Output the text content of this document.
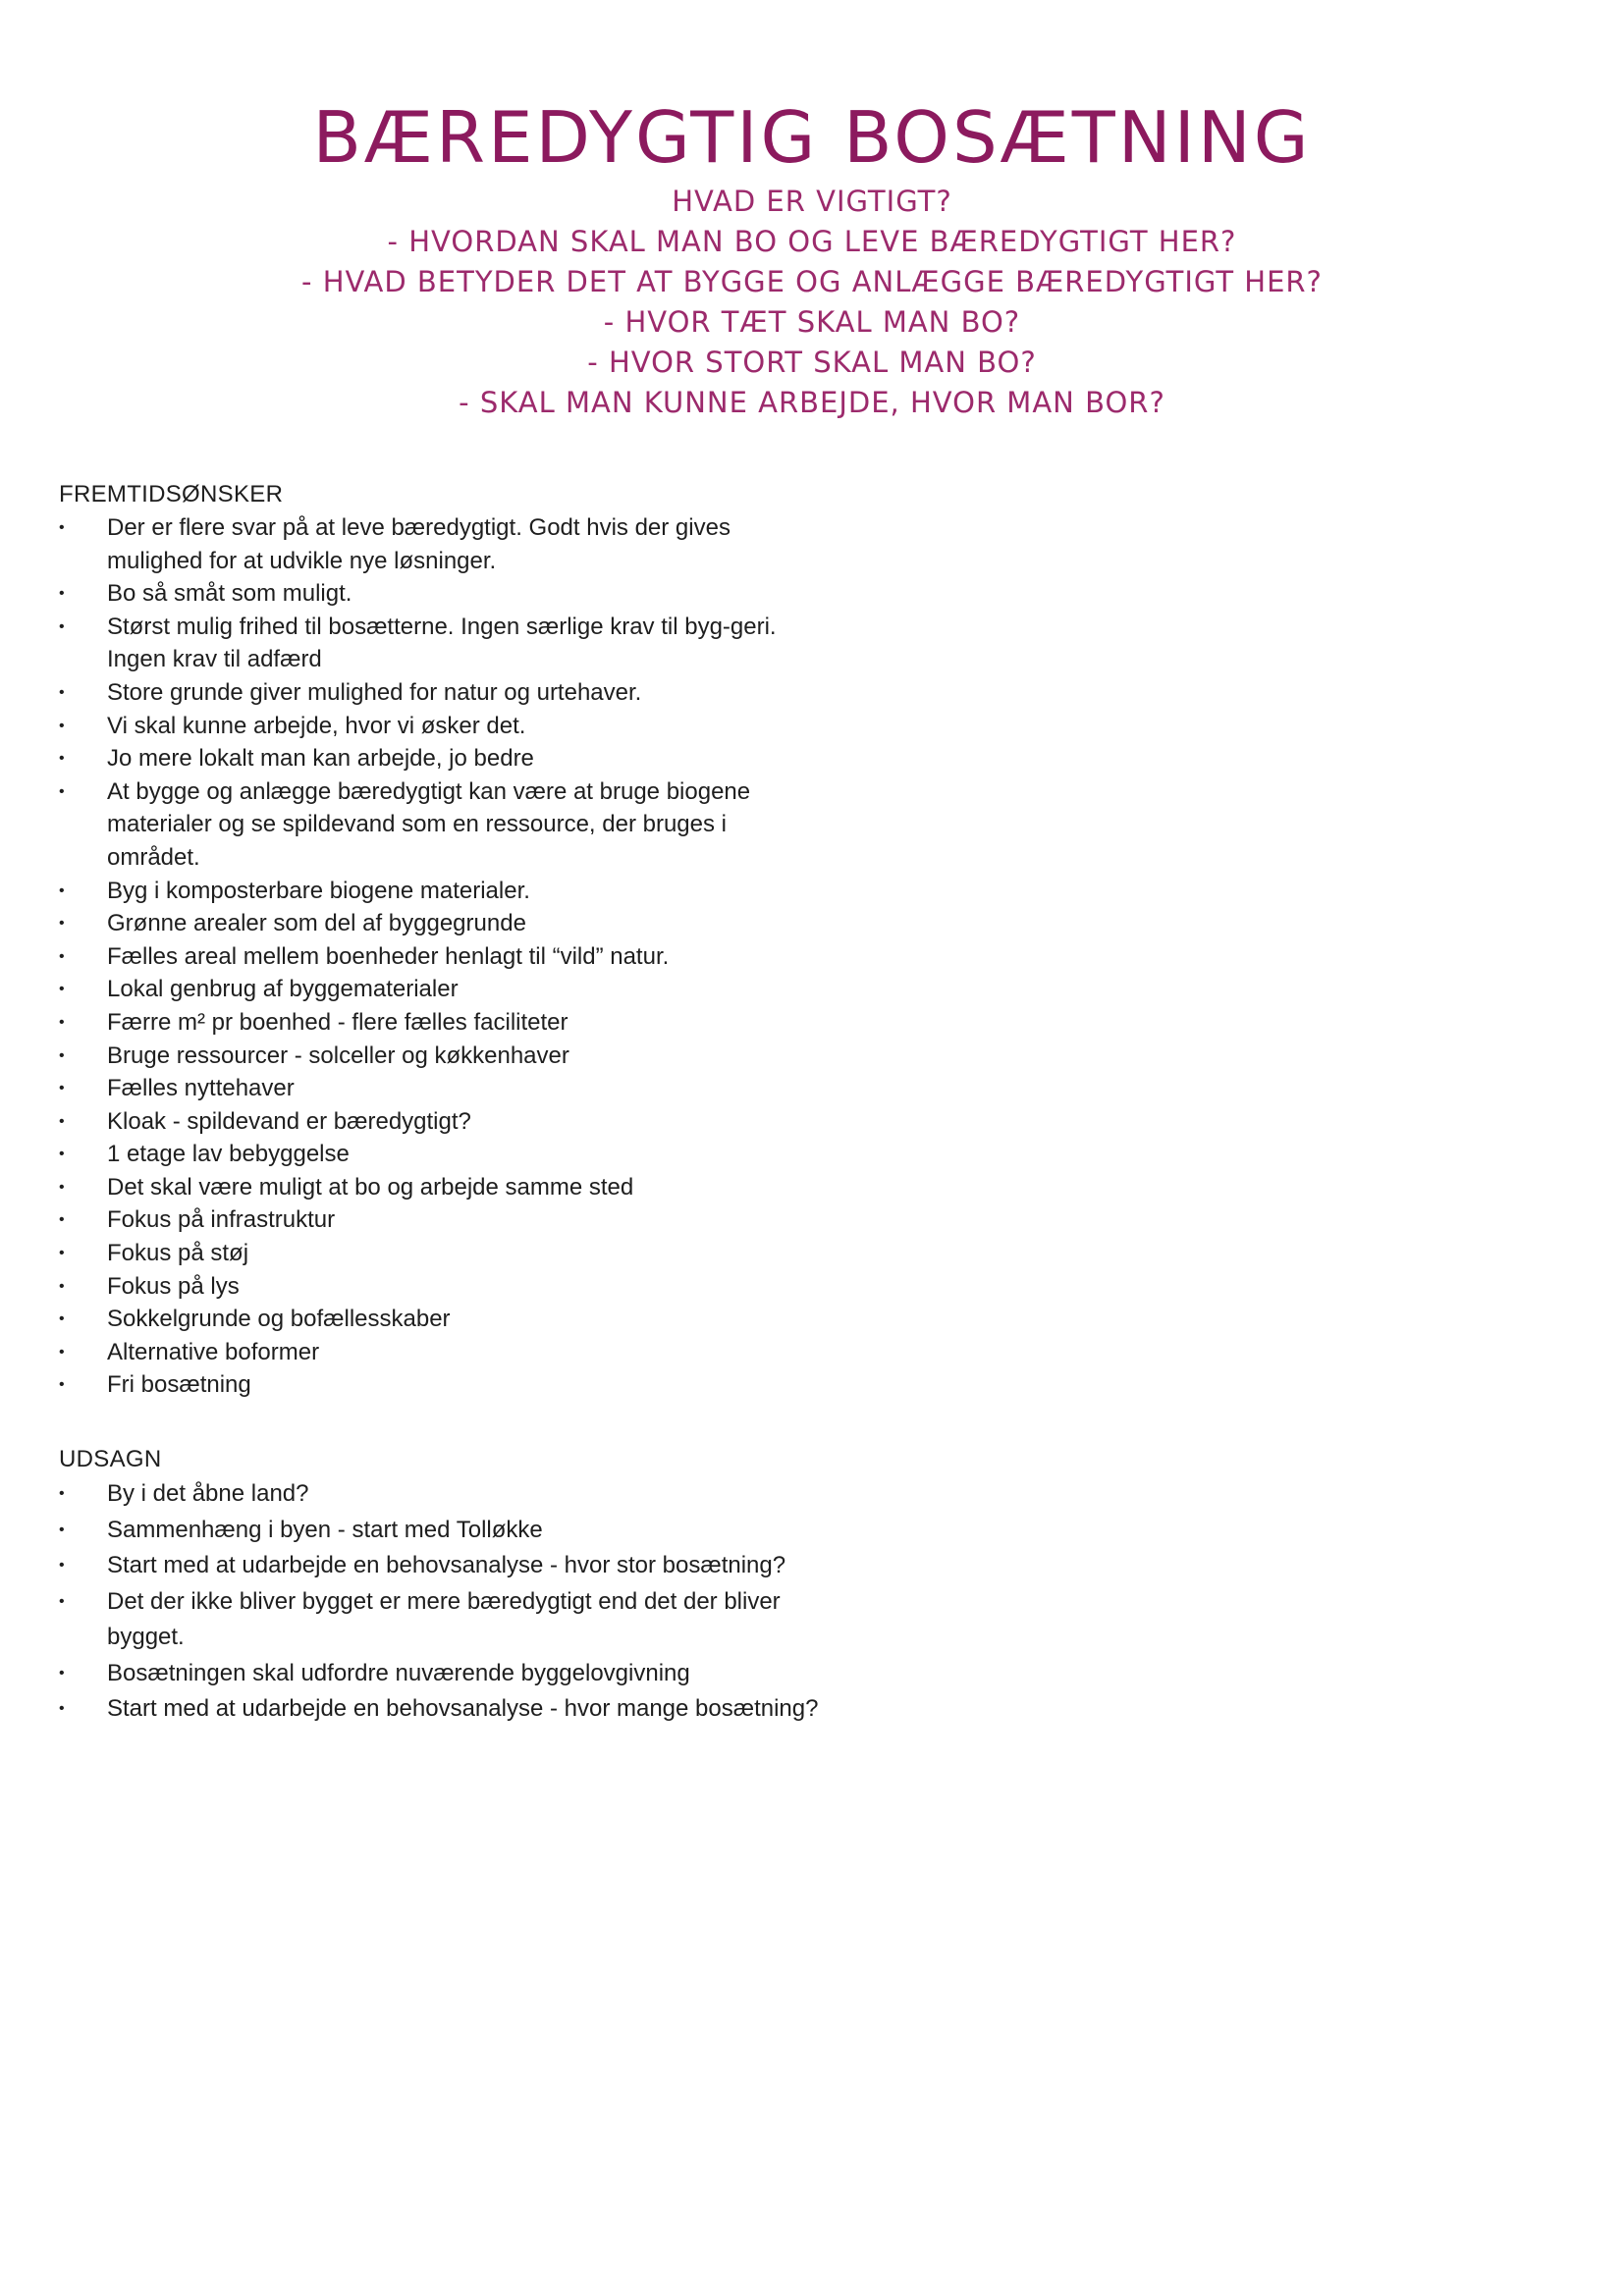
BÆREDYGTIG BOSÆTNING
HVAD ER VIGTIGT?
- HVORDAN SKAL MAN BO OG LEVE BÆREDYGTIGT HER?
- HVAD BETYDER DET AT BYGGE OG ANLÆGGE BÆREDYGTIGT HER?
- HVOR TÆT SKAL MAN BO?
- HVOR STORT SKAL MAN BO?
- SKAL MAN KUNNE ARBEJDE, HVOR MAN BOR?
FREMTIDSØNSKER
• Der er flere svar på at leve bæredygtigt. Godt hvis der gives mulighed for at udvikle nye løsninger.
• Bo så småt som muligt.
• Størst mulig frihed til bosætterne. Ingen særlige krav til byg-geri. Ingen krav til adfærd
• Store grunde giver mulighed for natur og urtehaver.
• Vi skal kunne arbejde, hvor vi øsker det.
• Jo mere lokalt man kan arbejde, jo bedre
• At bygge og anlægge bæredygtigt kan være at bruge biogene materialer og se spildevand som en ressource, der bruges i området.
• Byg i komposterbare biogene materialer.
• Grønne arealer som del af byggegrunde
• Fælles areal mellem boenheder henlagt til “vild” natur.
• Lokal genbrug af byggematerialer
• Færre m² pr boenhed - flere fælles faciliteter
• Bruge ressourcer - solceller og køkkenhaver
• Fælles nyttehaver
• Kloak - spildevand er bæredygtigt?
• 1 etage lav bebyggelse
• Det skal være muligt at bo og arbejde samme sted
• Fokus på infrastruktur
• Fokus på støj
• Fokus på lys
• Sokkelgrunde og bofællesskaber
• Alternative boformer
• Fri bosætning
UDSAGN
• By i det åbne land?
• Sammenhæng i byen - start med Tolløkke
• Start med at udarbejde en behovsanalyse - hvor stor bosætning?
• Det der ikke bliver bygget er mere bæredygtigt end det der bliver bygget.
• Bosætningen skal udfordre nuværende byggelovgivning
• Start med at udarbejde en behovsanalyse - hvor mange bosætning?
